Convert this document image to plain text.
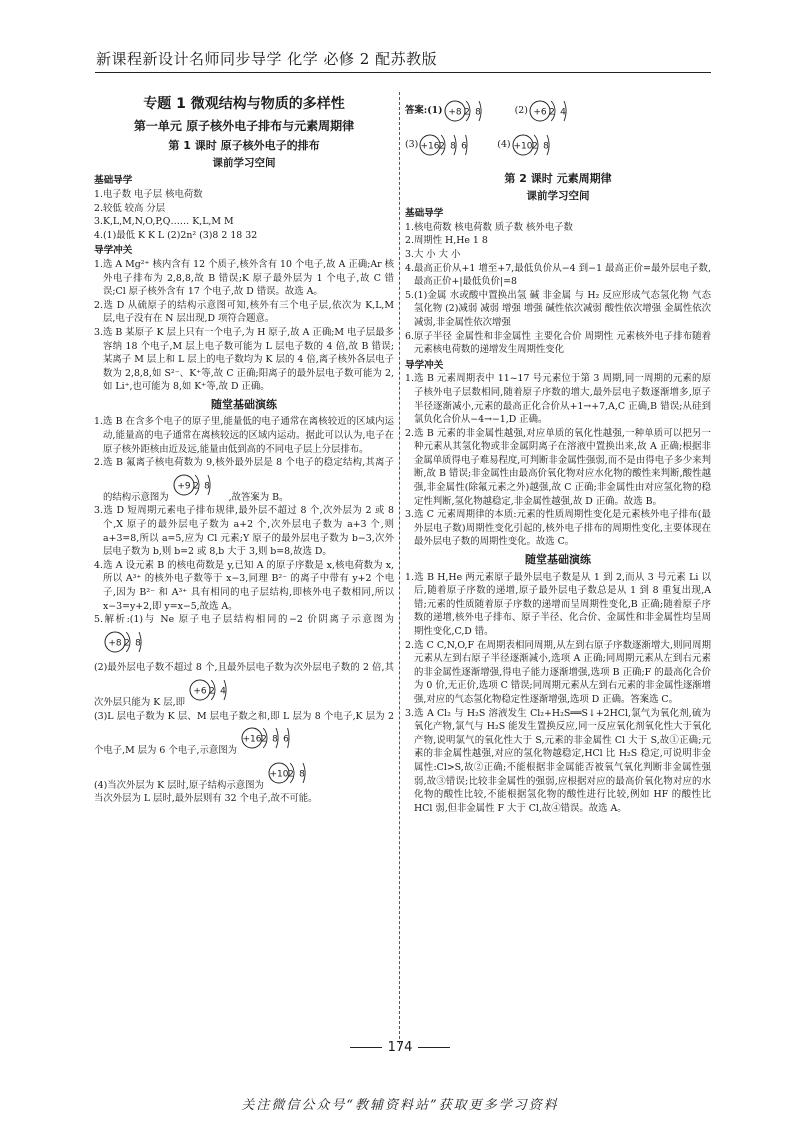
新课程新设计名师同步导学 化学 必修 2 配苏教版
专题 1 微观结构与物质的多样性
第一单元 原子核外电子排布与元素周期律
第 1 课时 原子核外电子的排布
课前学习空间
基础导学

1.电子数 电子层 核电荷数

2.较低 较高 分层

3.K,L,M,N,O,P,Q…… K,L,M M

4.(1)最低 K K L (2)2n² (3)8 2 18 32

导学冲关

1.选 A Mg²⁺ 核内含有 12 个质子,核外含有 10 个电子,故 A 正确;Ar 核外电子排布为 2,8,8,故 B 错误;K 原子最外层为 1 个电子,故 C 错误;Cl 原子核外含有 17 个电子,故 D 错误。故选 A。

2.选 D 从硫原子的结构示意图可知,核外有三个电子层,依次为 K,L,M 层,电子没有在 N 层出现,D 项符合题意。

3.选 B 某原子 K 层上只有一个电子,为 H 原子,故 A 正确;M 电子层最多容纳 18 个电子,M 层上电子数可能为 L 层电子数的 4 倍,故 B 错误;某离子 M 层上和 L 层上的电子数均为 K 层的 4 倍,离子核外各层电子数为 2,8,8,如 S²⁻、K⁺等,故 C 正确;阳离子的最外层电子数可能为 2,如 Li⁺,也可能为 8,如 K⁺等,故 D 正确。

随堂基础演练

1.选 B 在含多个电子的原子里,能量低的电子通常在离核较近的区域内运动,能量高的电子通常在离核较远的区域内运动。据此可以认为,电子在原子核外距核由近及远,能量由低到高的不同电子层上分层排布。

2.选 B 氟离子核电荷数为 9,核外最外层是 8 个电子的稳定结构,其离子的结构示意图为
+9 2 8
,故答案为 B。

3.选 D 短周期元素电子排布规律,最外层不超过 8 个,次外层为 2 或 8 个,X 原子的最外层电子数为 a+2 个,次外层电子数为 a+3 个,则 a+3=8,所以 a=5,应为 Cl 元素;Y 原子的最外层电子数为 b−3,次外层电子数为 b,则 b=2 或 8,b 大于 3,则 b=8,故选 D。

4.选 A 设元素 B 的核电荷数是 y,已知 A 的原子序数是 x,核电荷数为 x,所以 A³⁺ 的核外电子数等于 x−3,同理 B²⁻ 的离子中带有 y+2 个电子,因为 B²⁻ 和 A³⁺ 具有相同的电子层结构,即核外电子数相同,所以 x−3=y+2,即 y=x−5,故选 A。

5.解析:(1)与 Ne 原子电子层结构相同的−2 价阴离子示意图为
+8 2 8

(2)最外层电子数不超过 8 个,且最外层电子数为次外层电子数的 2 倍,其次外层只能为 K 层,即
+6 2 4

(3)L 层电子数为 K 层、M 层电子数之和,即 L 层为 8 个电子,K 层为 2 个电子,M 层为 6 个电子,示意图为
+16 2 8 6

(4)当次外层为 K 层时,原子结构示意图为
+10 2 8

当次外层为 L 层时,最外层则有 32 个电子,故不可能。

答案:(1) +8 2 8	(2) +6 2 4
(3) +16 2 8 6	(4) +10 2 8
第 2 课时 元素周期律
课前学习空间
基础导学

1.核电荷数 核电荷数 质子数 核外电子数

2.周期性 H,He 1 8

3.大 小 大 小

4.最高正价从+1 增至+7,最低负价从−4 到−1 最高正价=最外层电子数,最高正价+|最低负价|=8

5.(1)金属 水或酸中置换出氢 碱 非金属 与 H₂ 反应形成气态氢化物 气态氢化物 (2)减弱 减弱 增强 增强 碱性依次减弱 酸性依次增强 金属性依次减弱,非金属性依次增强

6.原子半径 金属性和非金属性 主要化合价 周期性 元素核外电子排布随着元素核电荷数的递增发生周期性变化

导学冲关

1.选 B 元素周期表中 11~17 号元素位于第 3 周期,同一周期的元素的原子核外电子层数相同,随着原子序数的增大,最外层电子数逐渐增多,原子半径逐渐减小,元素的最高正化合价从+1→+7,A,C 正确,B 错误;从硅到氯负化合价从−4→−1,D 正确。

2.选 B 元素的非金属性越强,对应单质的氧化性越强,一种单质可以把另一种元素从其氢化物或非金属阴离子在溶液中置换出来,故 A 正确;根据非金属单质得电子难易程度,可判断非金属性强弱,而不是由得电子多少来判断,故 B 错误;非金属性由最高价氧化物对应水化物的酸性来判断,酸性越强,非金属性(除氟元素之外)越强,故 C 正确;非金属性由对应氢化物的稳定性判断,氢化物越稳定,非金属性越强,故 D 正确。故选 B。

3.选 C 元素周期律的本质:元素的性质周期性变化是元素核外电子排布(最外层电子数)周期性变化引起的,核外电子排布的周期性变化,主要体现在最外层电子数的周期性变化。故选 C。

随堂基础演练

1.选 B H,He 两元素原子最外层电子数是从 1 到 2,而从 3 号元素 Li 以后,随着原子序数的递增,原子最外层电子数总是从 1 到 8 重复出现,A 错;元素的性质随着原子序数的递增而呈周期性变化,B 正确;随着原子序数的递增,核外电子排布、原子半径、化合价、金属性和非金属性均呈周期性变化,C,D 错。

2.选 C C,N,O,F 在周期表相同周期,从左到右原子序数逐渐增大,则同周期元素从左到右原子半径逐渐减小,选项 A 正确;同周期元素从左到右元素的非金属性逐渐增强,得电子能力逐渐增强,选项 B 正确;F 的最高化合价为 0 价,无正价,选项 C 错误;同周期元素从左到右元素的非金属性逐渐增强,对应的气态氢化物稳定性逐渐增强,选项 D 正确。答案选 C。

3.选 A Cl₂ 与 H₂S 溶液发生 Cl₂+H₂S══S↓+2HCl,氯气为氧化剂,硫为氧化产物,氯气与 H₂S 能发生置换反应,同一反应氧化剂氧化性大于氧化产物,说明氯气的氧化性大于 S,元素的非金属性 Cl 大于 S,故①正确;元素的非金属性越强,对应的氢化物越稳定,HCl 比 H₂S 稳定,可说明非金属性:Cl>S,故②正确;不能根据非金属能否被氧气氧化判断非金属性强弱,故③错误;比较非金属性的强弱,应根据对应的最高价氧化物对应的水化物的酸性比较,不能根据氢化物的酸性进行比较,例如 HF 的酸性比 HCl 弱,但非金属性 F 大于 Cl,故④错误。故选 A。

174
关注微信公众号“教辅资料站”获取更多学习资料
